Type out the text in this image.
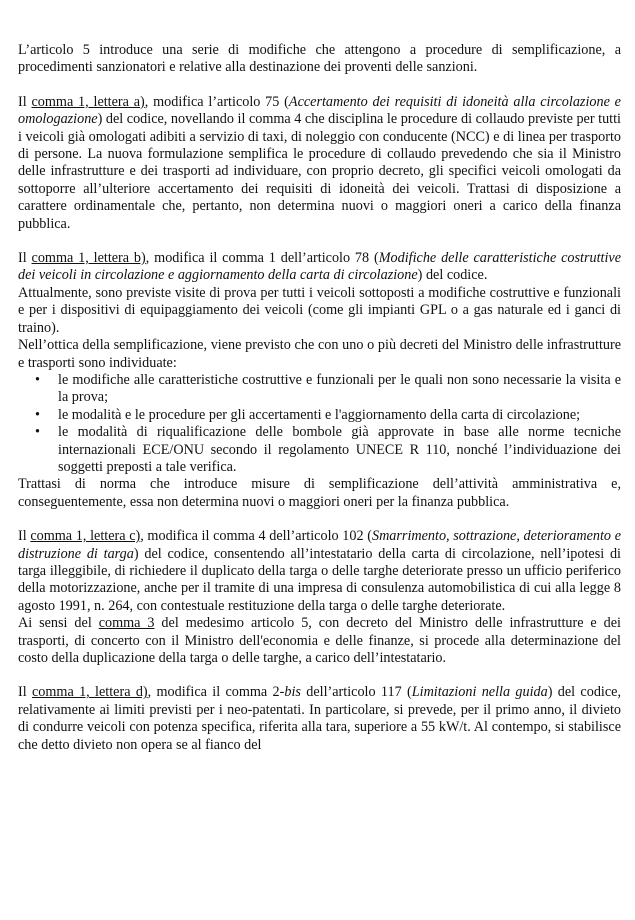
L’articolo 5 introduce una serie di modifiche che attengono a procedure di semplificazione, a procedimenti sanzionatori e relative alla destinazione dei proventi delle sanzioni.

Il comma 1, lettera a), modifica l’articolo 75 (Accertamento dei requisiti di idoneità alla circolazione e omologazione) del codice, novellando il comma 4 che disciplina le procedure di collaudo previste per tutti i veicoli già omologati adibiti a servizio di taxi, di noleggio con conducente (NCC) e di linea per trasporto di persone. La nuova formulazione semplifica le procedure di collaudo prevedendo che sia il Ministro delle infrastrutture e dei trasporti ad individuare, con proprio decreto, gli specifici veicoli omologati da sottoporre all’ulteriore accertamento dei requisiti di idoneità dei veicoli. Trattasi di disposizione a carattere ordinamentale che, pertanto, non determina nuovi o maggiori oneri a carico della finanza pubblica.

Il comma 1, lettera b), modifica il comma 1 dell’articolo 78 (Modifiche delle caratteristiche costruttive dei veicoli in circolazione e aggiornamento della carta di circolazione) del codice.

Attualmente, sono previste visite di prova per tutti i veicoli sottoposti a modifiche costruttive e funzionali e per i dispositivi di equipaggiamento dei veicoli (come gli impianti GPL o a gas naturale ed i ganci di traino).

Nell’ottica della semplificazione, viene previsto che con uno o più decreti del Ministro delle infrastrutture e trasporti sono individuate:

• le modifiche alle caratteristiche costruttive e funzionali per le quali non sono necessarie la visita e la prova;
• le modalità e le procedure per gli accertamenti e l'aggiornamento della carta di circolazione;
• le modalità di riqualificazione delle bombole già approvate in base alle norme tecniche internazionali ECE/ONU secondo il regolamento UNECE R 110, nonché l’individuazione dei soggetti preposti a tale verifica.

Trattasi di norma che introduce misure di semplificazione dell’attività amministrativa e, conseguentemente, essa non determina nuovi o maggiori oneri per la finanza pubblica.

Il comma 1, lettera c), modifica il comma 4 dell’articolo 102 (Smarrimento, sottrazione, deterioramento e distruzione di targa) del codice, consentendo all’intestatario della carta di circolazione, nell’ipotesi di targa illeggibile, di richiedere il duplicato della targa o delle targhe deteriorate presso un ufficio periferico della motorizzazione, anche per il tramite di una impresa di consulenza automobilistica di cui alla legge 8 agosto 1991, n. 264, con contestuale restituzione della targa o delle targhe deteriorate.

Ai sensi del comma 3 del medesimo articolo 5, con decreto del Ministro delle infrastrutture e dei trasporti, di concerto con il Ministro dell'economia e delle finanze, si procede alla determinazione del costo della duplicazione della targa o delle targhe, a carico dell’intestatario.

Il comma 1, lettera d), modifica il comma 2-bis dell’articolo 117 (Limitazioni nella guida) del codice, relativamente ai limiti previsti per i neo-patentati. In particolare, si prevede, per il primo anno, il divieto di condurre veicoli con potenza specifica, riferita alla tara, superiore a 55 kW/t. Al contempo, si stabilisce che detto divieto non opera se al fianco del
